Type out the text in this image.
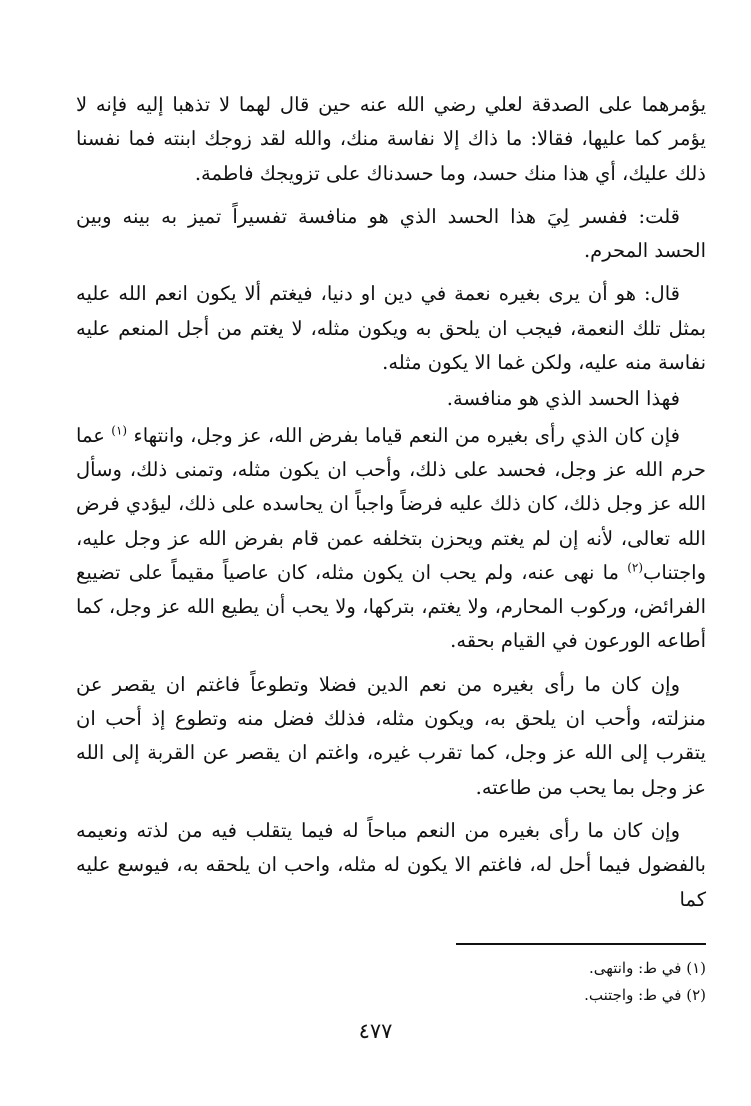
يؤمرهما على الصدقة لعلي رضي الله عنه حين قال لهما لا تذهبا إليه فإنه لا يؤمر كما عليها، فقالا: ما ذاك إلا نفاسة منك، والله لقد زوجك ابنته فما نفسنا ذلك عليك، أي هذا منك حسد، وما حسدناك على تزويجك فاطمة.

قلت: ففسر لِيَ هذا الحسد الذي هو منافسة تفسيراً تميز به بينه وبين الحسد المحرم.

قال: هو أن يرى بغيره نعمة في دين او دنيا، فيغتم ألا يكون انعم الله عليه بمثل تلك النعمة، فيجب ان يلحق به ويكون مثله، لا يغتم من أجل المنعم عليه نفاسة منه عليه، ولكن غما الا يكون مثله.

فهذا الحسد الذي هو منافسة.

فإن كان الذي رأى بغيره من النعم قياما بفرض الله، عز وجل، وانتهاء $^{(١)}$ عما حرم الله عز وجل، فحسد على ذلك، وأحب ان يكون مثله، وتمنى ذلك، وسأل الله عز وجل ذلك، كان ذلك عليه فرضاً واجباً ان يحاسده على ذلك، ليؤدي فرض الله تعالى، لأنه إن لم يغتم ويحزن بتخلفه عمن قام بفرض الله عز وجل عليه، واجتناب$^{(٢)}$ ما نهى عنه، ولم يحب ان يكون مثله، كان عاصياً مقيماً على تضييع الفرائض، وركوب المحارم، ولا يغتم، بتركها، ولا يحب أن يطيع الله عز وجل، كما أطاعه الورعون في القيام بحقه.

وإن كان ما رأى بغيره من نعم الدين فضلا وتطوعاً فاغتم ان يقصر عن منزلته، وأحب ان يلحق به، ويكون مثله، فذلك فضل منه وتطوع إذ أحب ان يتقرب إلى الله عز وجل، كما تقرب غيره، واغتم ان يقصر عن القربة إلى الله عز وجل بما يحب من طاعته.

وإن كان ما رأى بغيره من النعم مباحاً له فيما يتقلب فيه من لذته ونعيمه بالفضول فيما أحل له، فاغتم الا يكون له مثله، واحب ان يلحقه به، فيوسع عليه كما

(١) في ط: وانتهى.

(٢) في ط: واجتنب.

٤٧٧
